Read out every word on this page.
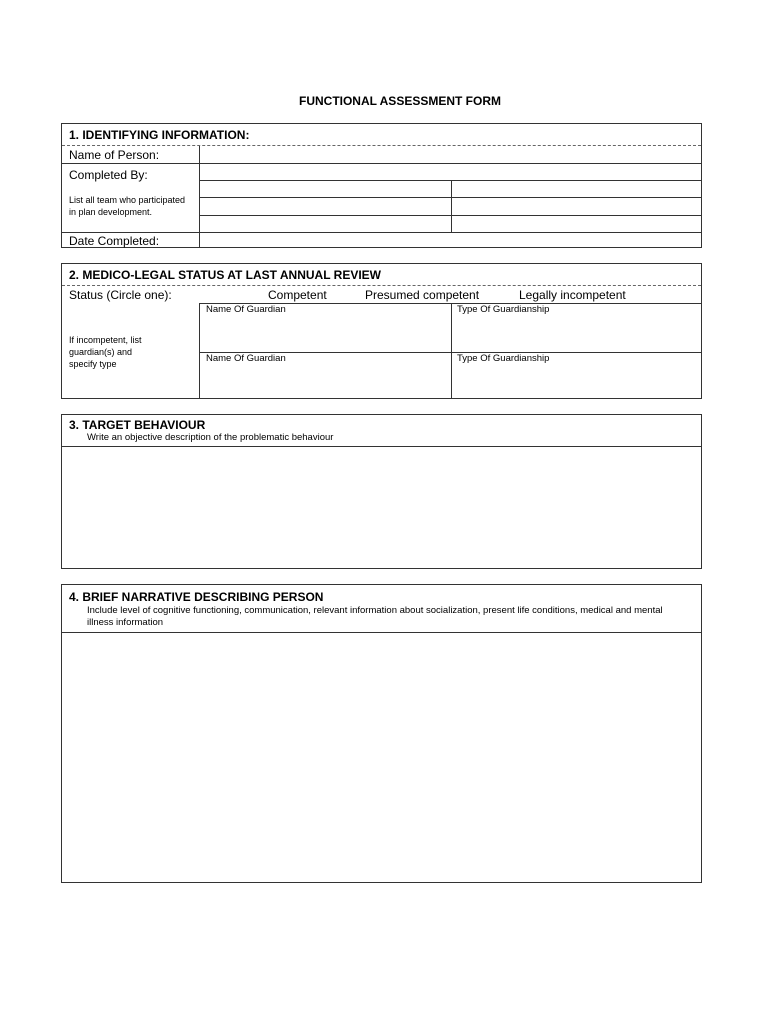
FUNCTIONAL ASSESSMENT FORM
1. IDENTIFYING INFORMATION:
Name of Person:
Completed By:
List all team who participated in plan development.
Date Completed:
2. MEDICO-LEGAL STATUS AT LAST ANNUAL REVIEW
Status (Circle one):	Competent	Presumed competent	Legally incompetent
If incompetent, list guardian(s) and specify type
Name Of Guardian	Type Of Guardianship
Name Of Guardian	Type Of Guardianship
3. TARGET BEHAVIOUR
Write an objective description of the problematic behaviour
4. BRIEF NARRATIVE DESCRIBING PERSON
Include level of cognitive functioning, communication, relevant information about socialization, present life conditions, medical and mental illness information
